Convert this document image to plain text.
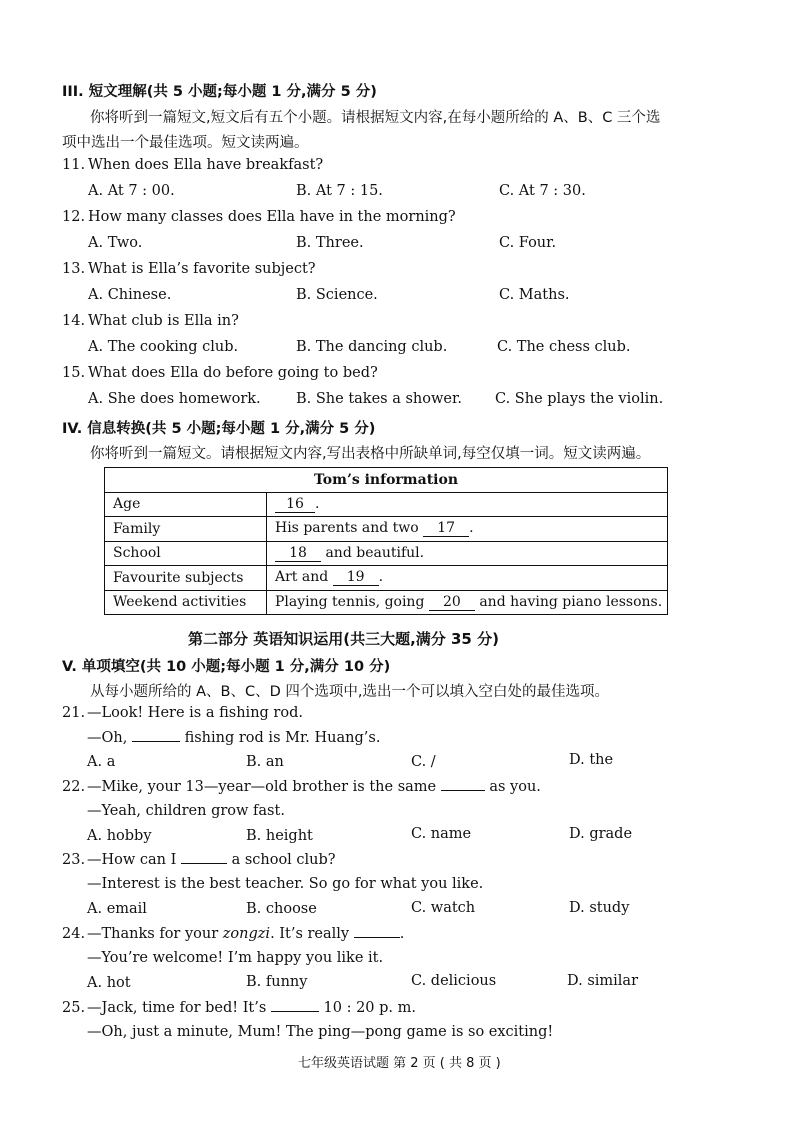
III. 短文理解(共 5 小题;每小题 1 分,满分 5 分)
你将听到一篇短文,短文后有五个小题。请根据短文内容,在每小题所给的 A、B、C 三个选
项中选出一个最佳选项。短文读两遍。
11. When does Ella have breakfast?
A. At 7 : 00.	B. At 7 : 15.	C. At 7 : 30.
12. How many classes does Ella have in the morning?
A. Two.	B. Three.	C. Four.
13. What is Ella’s favorite subject?
A. Chinese.	B. Science.	C. Maths.
14. What club is Ella in?
A. The cooking club.	B. The dancing club.	C. The chess club.
15. What does Ella do before going to bed?
A. She does homework. B. She takes a shower. C. She plays the violin.
IV. 信息转换(共 5 小题;每小题 1 分,满分 5 分)
你将听到一篇短文。请根据短文内容,写出表格中所缺单词,每空仅填一词。短文读两遍。
Tom’s information	
Age	16 .
Family	His parents and two 17 .
School	18 and beautiful.
Favourite subjects	Art and 19 .
Weekend activities	Playing tennis, going 20 and having piano lessons.
第二部分 英语知识运用(共三大题,满分 35 分)
V. 单项填空(共 10 小题;每小题 1 分,满分 10 分)
从每小题所给的 A、B、C、D 四个选项中,选出一个可以填入空白处的最佳选项。
21. —Look! Here is a fishing rod.
—Oh,	fishing rod is Mr. Huang’s.
A. a	B. an	C. /	D. the
22. —Mike, your 13—year—old brother is the same	as you.
—Yeah, children grow fast.
A. hobby	B. height	C. name	D. grade
23. —How can I	a school club?
—Interest is the best teacher. So go for what you like.
A. email	B. choose	C. watch	D. study
24. —Thanks for your zongzi. It’s really	.
—You’re welcome! I’m happy you like it.
A. hot	B. funny	C. delicious	D. similar
25. —Jack, time for bed! It’s	10 : 20 p. m.
—Oh, just a minute, Mum! The ping—pong game is so exciting!
七年级英语试题 第 2 页 ( 共 8 页 )
